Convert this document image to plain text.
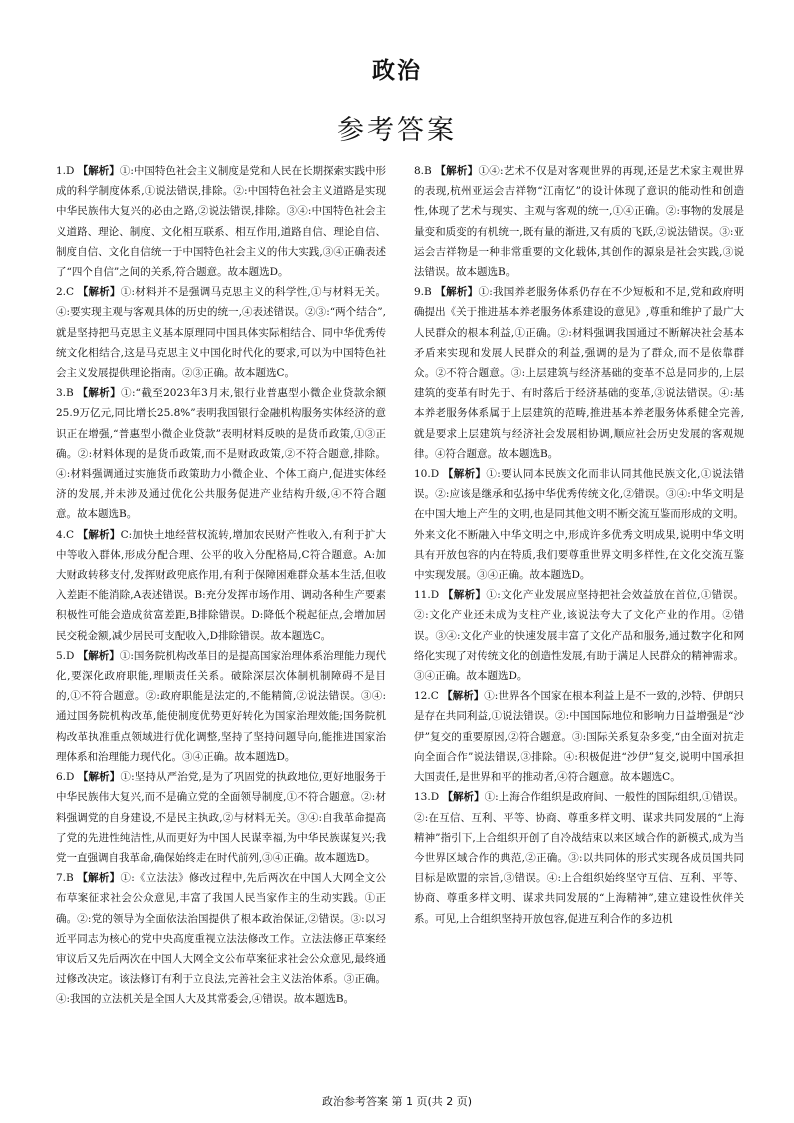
政治
参考答案

1.D 【解析】①:中国特色社会主义制度是党和人民在长期探索实践中形成的科学制度体系,①说法错误,排除。②:中国特色社会主义道路是实现中华民族伟大复兴的必由之路,②说法错误,排除。③④:中国特色社会主义道路、理论、制度、文化相互联系、相互作用,道路自信、理论自信、制度自信、文化自信统一于中国特色社会主义的伟大实践,③④正确表述了“四个自信”之间的关系,符合题意。故本题选D。

2.C 【解析】①:材料并不是强调马克思主义的科学性,①与材料无关。④:要实现主观与客观具体的历史的统一,④表述错误。②③:“两个结合”,就是坚持把马克思主义基本原理同中国具体实际相结合、同中华优秀传统文化相结合,这是马克思主义中国化时代化的要求,可以为中国特色社会主义发展提供理论指南。②③正确。故本题选C。

3.B 【解析】①:“截至2023年3月末,银行业普惠型小微企业贷款余额25.9万亿元,同比增长25.8%”表明我国银行金融机构服务实体经济的意识正在增强,“普惠型小微企业贷款”表明材料反映的是货币政策,①③正确。②:材料体现的是货币政策,而不是财政政策,②不符合题意,排除。④:材料强调通过实施货币政策助力小微企业、个体工商户,促进实体经济的发展,并未涉及通过优化公共服务促进产业结构升级,④不符合题意。故本题选B。

4.C 【解析】C:加快土地经营权流转,增加农民财产性收入,有利于扩大中等收入群体,形成分配合理、公平的收入分配格局,C符合题意。A:加大财政转移支付,发挥财政兜底作用,有利于保障困难群众基本生活,但收入差距不能消除,A表述错误。B:充分发挥市场作用、调动各种生产要素积极性可能会造成贫富差距,B排除错误。D:降低个税起征点,会增加居民交税金额,减少居民可支配收入,D排除错误。故本题选C。

5.D 【解析】①:国务院机构改革目的是提高国家治理体系治理能力现代化,要深化政府职能,理顺责任关系。破除深层次体制机制障碍不是目的,①不符合题意。②:政府职能是法定的,不能精简,②说法错误。③④:通过国务院机构改革,能使制度优势更好转化为国家治理效能;国务院机构改革执准重点领域进行优化调整,坚持了坚持问题导向,能推进国家治理体系和治理能力现代化。③④正确。故本题选D。

6.D 【解析】①:坚持从严治党,是为了巩固党的执政地位,更好地服务于中华民族伟大复兴,而不是确立党的全面领导制度,①不符合题意。②:材料强调党的自身建设,不是民主执政,②与材料无关。③④:自我革命提高了党的先进性纯洁性,从而更好为中国人民谋幸福,为中华民族谋复兴;我党一直强调自我革命,确保始终走在时代前列,③④正确。故本题选D。

7.B 【解析】①:《立法法》修改过程中,先后两次在中国人大网全文公布草案征求社会公众意见,丰富了我国人民当家作主的生动实践。①正确。②:党的领导为全面依法治国提供了根本政治保证,②错误。③:以习近平同志为核心的党中央高度重视立法法修改工作。立法法修正草案经审议后又先后两次在中国人大网全文公布草案征求社会公众意见,最终通过修改决定。该法修订有利于立良法,完善社会主义法治体系。③正确。④:我国的立法机关是全国人大及其常委会,④错误。故本题选B。

8.B 【解析】①④:艺术不仅是对客观世界的再现,还是艺术家主观世界的表现,杭州亚运会吉祥物“江南忆”的设计体现了意识的能动性和创造性,体现了艺术与现实、主观与客观的统一,①④正确。②:事物的发展是量变和质变的有机统一,既有量的渐进,又有质的飞跃,②说法错误。③:亚运会吉祥物是一种非常重要的文化载体,其创作的源泉是社会实践,③说法错误。故本题选B。

9.B 【解析】①:我国养老服务体系仍存在不少短板和不足,党和政府明确提出《关于推进基本养老服务体系建设的意见》,尊重和维护了最广大人民群众的根本利益,①正确。②:材料强调我国通过不断解决社会基本矛盾来实现和发展人民群众的利益,强调的是为了群众,而不是依靠群众。②不符合题意。③:上层建筑与经济基础的变革不总是同步的,上层建筑的变革有时先于、有时落后于经济基础的变革,③说法错误。④:基本养老服务体系属于上层建筑的范畴,推进基本养老服务体系健全完善,就是要求上层建筑与经济社会发展相协调,顺应社会历史发展的客观规律。④符合题意。故本题选B。

10.D 【解析】①:要认同本民族文化而非认同其他民族文化,①说法错误。②:应该是继承和弘扬中华优秀传统文化,②错误。③④:中华文明是在中国大地上产生的文明,也是同其他文明不断交流互鉴而形成的文明。外来文化不断融入中华文明之中,形成许多优秀文明成果,说明中华文明具有开放包容的内在特质,我们要尊重世界文明多样性,在文化交流互鉴中实现发展。③④正确。故本题选D。

11.D 【解析】①:文化产业发展应坚持把社会效益放在首位,①错误。②:文化产业还未成为支柱产业,该说法夸大了文化产业的作用。②错误。③④:文化产业的快速发展丰富了文化产品和服务,通过数字化和网络化实现了对传统文化的创造性发展,有助于满足人民群众的精神需求。③④正确。故本题选D。

12.C 【解析】①:世界各个国家在根本利益上是不一致的,沙特、伊朗只是存在共同利益,①说法错误。②:中国国际地位和影响力日益增强是“沙伊”复交的重要原因,②符合题意。③:国际关系复杂多变,“由全面对抗走向全面合作”说法错误,③排除。④:积极促进“沙伊”复交,说明中国承担大国责任,是世界和平的推动者,④符合题意。故本题选C。

13.D 【解析】①:上海合作组织是政府间、一般性的国际组织,①错误。②:在互信、互利、平等、协商、尊重多样文明、谋求共同发展的“上海精神”指引下,上合组织开创了自冷战结束以来区域合作的新模式,成为当今世界区域合作的典范,②正确。③:以共同体的形式实现各成员国共同目标是欧盟的宗旨,③错误。④:上合组织始终坚守互信、互利、平等、协商、尊重多样文明、谋求共同发展的“上海精神”,建立建设性伙伴关系。可见,上合组织坚持开放包容,促进互利合作的多边机

政治参考答案 第 1 页(共 2 页)
